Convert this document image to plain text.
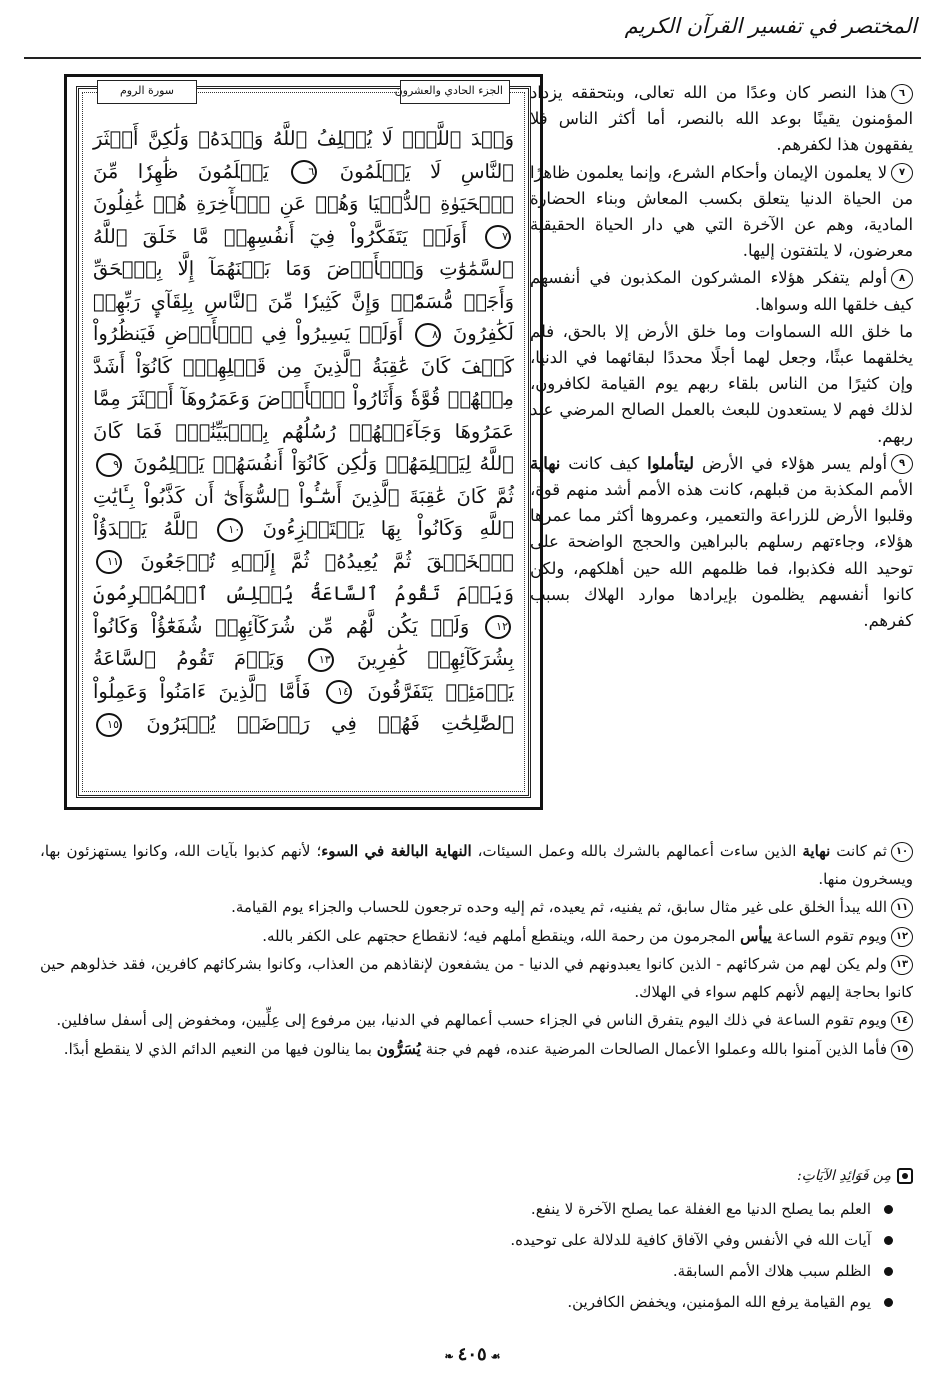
المختصر في تفسير القرآن الكريم
الجزء الحادي والعشرون
سورة الروم
وَعۡدَ ٱللَّهِۖ لَا يُخۡلِفُ ٱللَّهُ وَعۡدَهُۥ وَلَٰكِنَّ أَكۡثَرَ ٱلنَّاسِ لَا يَعۡلَمُونَ ٦ يَعۡلَمُونَ ظَٰهِرٗا مِّنَ ٱلۡحَيَوٰةِ ٱلدُّنۡيَا وَهُمۡ عَنِ ٱلۡأٓخِرَةِ هُمۡ غَٰفِلُونَ ٧ أَوَلَمۡ يَتَفَكَّرُواْ فِيٓ أَنفُسِهِمۗ مَّا خَلَقَ ٱللَّهُ ٱلسَّمَٰوَٰتِ وَٱلۡأَرۡضَ وَمَا بَيۡنَهُمَآ إِلَّا بِٱلۡحَقِّ وَأَجَلٖ مُّسَمّٗىۗ وَإِنَّ كَثِيرٗا مِّنَ ٱلنَّاسِ بِلِقَآيِٕ رَبِّهِمۡ لَكَٰفِرُونَ ٨ أَوَلَمۡ يَسِيرُواْ فِي ٱلۡأَرۡضِ فَيَنظُرُواْ كَيۡفَ كَانَ عَٰقِبَةُ ٱلَّذِينَ مِن قَبۡلِهِمۡۚ كَانُوٓاْ أَشَدَّ مِنۡهُمۡ قُوَّةٗ وَأَثَارُواْ ٱلۡأَرۡضَ وَعَمَرُوهَآ أَكۡثَرَ مِمَّا عَمَرُوهَا وَجَآءَتۡهُمۡ رُسُلُهُم بِٱلۡبَيِّنَٰتِۖ فَمَا كَانَ ٱللَّهُ لِيَظۡلِمَهُمۡ وَلَٰكِن كَانُوٓاْ أَنفُسَهُمۡ يَظۡلِمُونَ ٩ ثُمَّ كَانَ عَٰقِبَةَ ٱلَّذِينَ أَسَٰٓـُٔواْ ٱلسُّوٓأَىٰٓ أَن كَذَّبُواْ بِـَٔايَٰتِ ٱللَّهِ وَكَانُواْ بِهَا يَسۡتَهۡزِءُونَ ١٠ ٱللَّهُ يَبۡدَؤُاْ ٱلۡخَلۡقَ ثُمَّ يُعِيدُهُۥ ثُمَّ إِلَيۡهِ تُرۡجَعُونَ ١١ وَيَوۡمَ تَقُومُ ٱلسَّاعَةُ يُبۡلِسُ ٱلۡمُجۡرِمُونَ ١٢ وَلَمۡ يَكُن لَّهُم مِّن شُرَكَآئِهِمۡ شُفَعَٰٓؤُاْ وَكَانُواْ بِشُرَكَآئِهِمۡ كَٰفِرِينَ ١٣ وَيَوۡمَ تَقُومُ ٱلسَّاعَةُ يَوۡمَئِذٖ يَتَفَرَّقُونَ ١٤ فَأَمَّا ٱلَّذِينَ ءَامَنُواْ وَعَمِلُواْ ٱلصَّٰلِحَٰتِ فَهُمۡ فِي رَوۡضَةٖ يُحۡبَرُونَ ١٥

٦هذا النصر كان وعدًا من الله تعالى، وبتحققه يزداد المؤمنون يقينًا بوعد الله بالنصر، أما أكثر الناس فلا يفقهون هذا لكفرهم.

٧لا يعلمون الإيمان وأحكام الشرع، وإنما يعلمون ظاهرًا من الحياة الدنيا يتعلق بكسب المعاش وبناء الحضارة المادية، وهم عن الآخرة التي هي دار الحياة الحقيقية معرضون، لا يلتفتون إليها.

٨أولم يتفكر هؤلاء المشركون المكذبون في أنفسهم كيف خلقها الله وسواها.

ما خلق الله السماوات وما خلق الأرض إلا بالحق، فلم يخلقهما عبثًا، وجعل لهما أجلًا محددًا لبقائهما في الدنيا، وإن كثيرًا من الناس بلقاء ربهم يوم القيامة لكافرون، لذلك فهم لا يستعدون للبعث بالعمل الصالح المرضي عند ربهم.

٩أولم يسر هؤلاء في الأرض ليتأملوا كيف كانت نهاية الأمم المكذبة من قبلهم، كانت هذه الأمم أشد منهم قوة، وقلبوا الأرض للزراعة والتعمير، وعمروها أكثر مما عمرها هؤلاء، وجاءتهم رسلهم بالبراهين والحجج الواضحة على توحيد الله فكذبوا، فما ظلمهم الله حين أهلكهم، ولكن كانوا أنفسهم يظلمون بإيرادها موارد الهلاك بسبب كفرهم.

١٠ثم كانت نهاية الذين ساءت أعمالهم بالشرك بالله وعمل السيئات، النهاية البالغة في السوء؛ لأنهم كذبوا بآيات الله، وكانوا يستهزئون بها، ويسخرون منها.

١١الله يبدأ الخلق على غير مثال سابق، ثم يفنيه، ثم يعيده، ثم إليه وحده ترجعون للحساب والجزاء يوم القيامة.

١٢ويوم تقوم الساعة ييأس المجرمون من رحمة الله، وينقطع أملهم فيه؛ لانقطاع حجتهم على الكفر بالله.

١٣ولم يكن لهم من شركائهم - الذين كانوا يعبدونهم في الدنيا - من يشفعون لإنقاذهم من العذاب، وكانوا بشركائهم كافرين، فقد خذلوهم حين كانوا بحاجة إليهم لأنهم كلهم سواء في الهلاك.

١٤ويوم تقوم الساعة في ذلك اليوم يتفرق الناس في الجزاء حسب أعمالهم في الدنيا، بين مرفوع إلى عِلِّيين، ومخفوض إلى أسفل سافلين.

١٥فأما الذين آمنوا بالله وعملوا الأعمال الصالحات المرضية عنده، فهم في جنة يُسَرُّون بما ينالون فيها من النعيم الدائم الذي لا ينقطع أبدًا.

مِن فَوَائِدِ الآيَاتِ:
العلم بما يصلح الدنيا مع الغفلة عما يصلح الآخرة لا ينفع.
آيات الله في الأنفس وفي الآفاق كافية للدلالة على توحيده.
الظلم سبب هلاك الأمم السابقة.
يوم القيامة يرفع الله المؤمنين، ويخفض الكافرين.
❧ ٤٠٥ ☙
